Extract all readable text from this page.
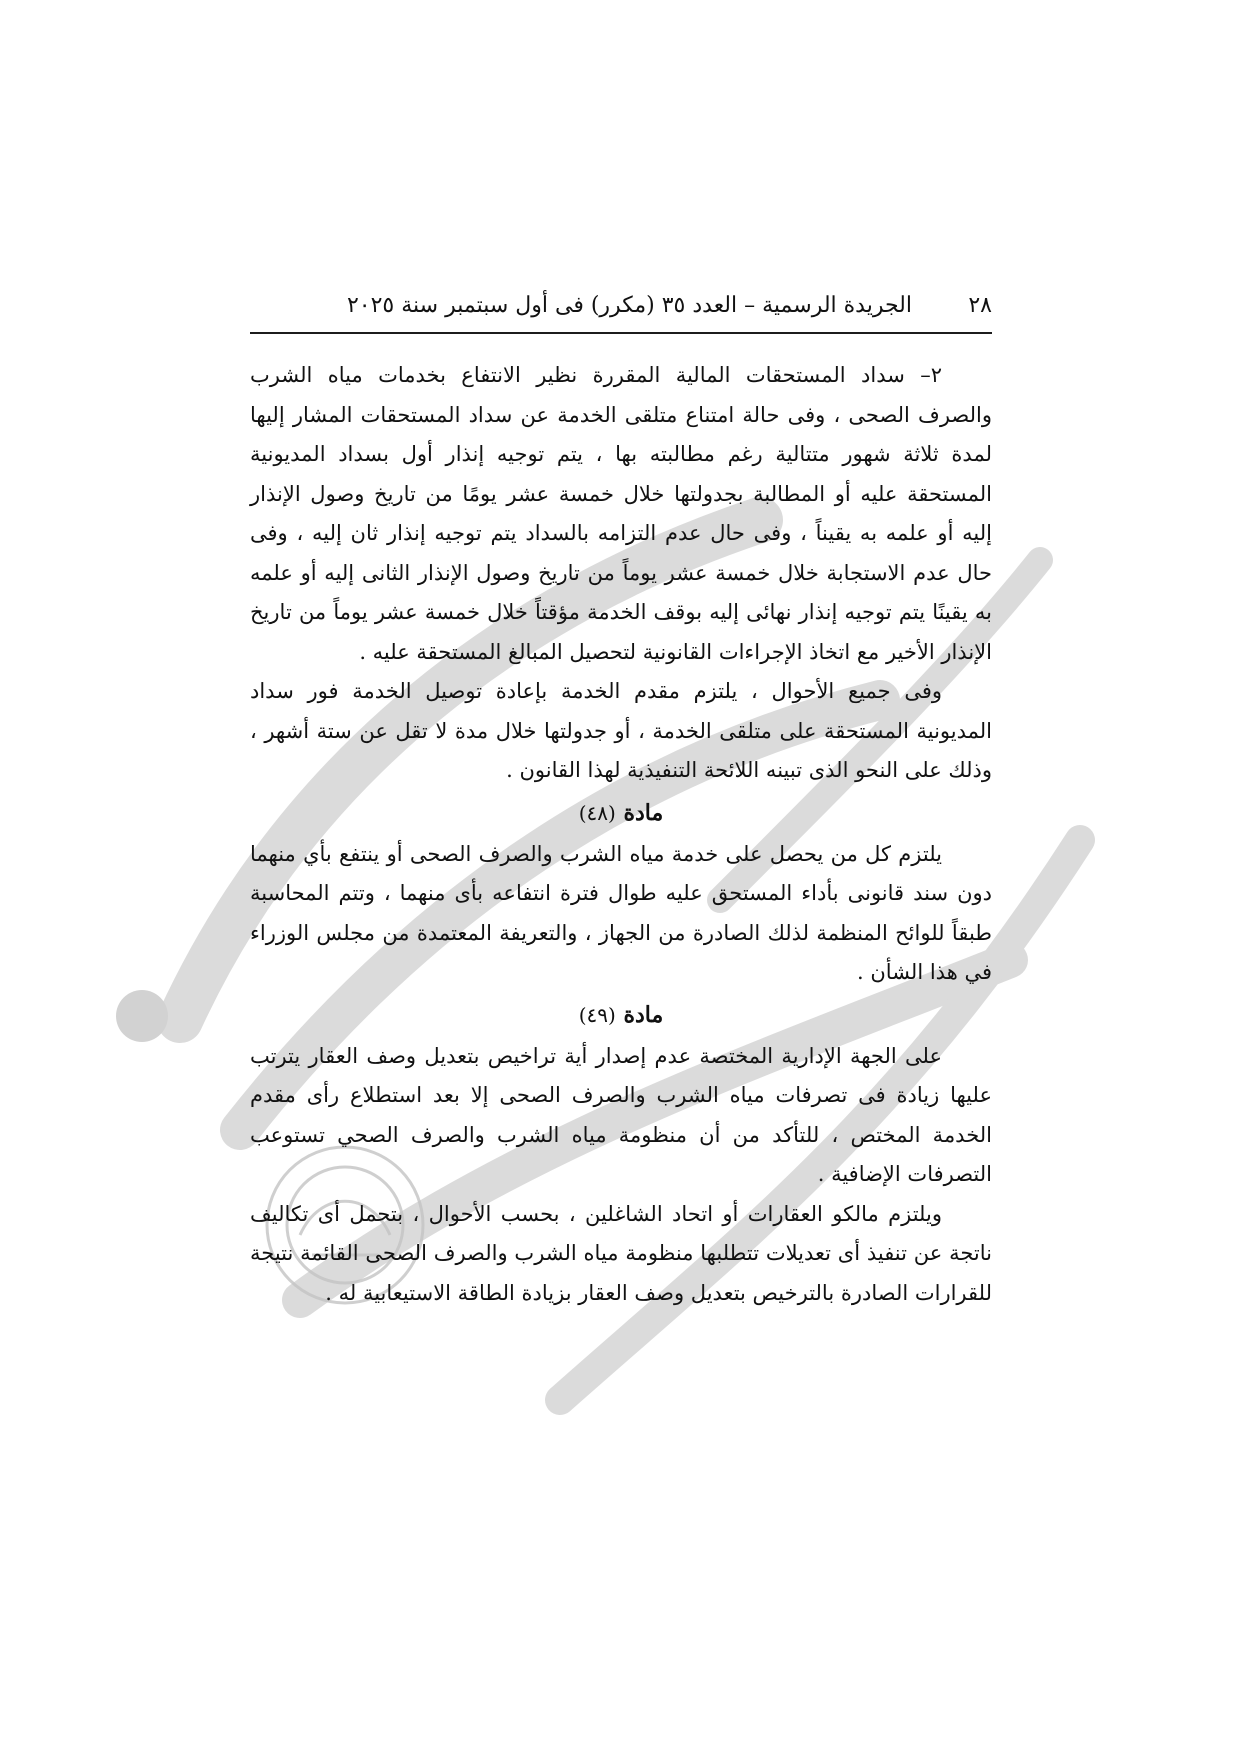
٢٨
الجريدة الرسمية – العدد ٣٥ (مكرر) فى أول سبتمبر سنة ٢٠٢٥

٢– سداد المستحقات المالية المقررة نظير الانتفاع بخدمات مياه الشرب والصرف الصحى ، وفى حالة امتناع متلقى الخدمة عن سداد المستحقات المشار إليها لمدة ثلاثة شهور متتالية رغم مطالبته بها ، يتم توجيه إنذار أول بسداد المديونية المستحقة عليه أو المطالبة بجدولتها خلال خمسة عشر يومًا من تاريخ وصول الإنذار إليه أو علمه به يقيناً ، وفى حال عدم التزامه بالسداد يتم توجيه إنذار ثان إليه ، وفى حال عدم الاستجابة خلال خمسة عشر يوماً من تاريخ وصول الإنذار الثانى إليه أو علمه به يقينًا يتم توجيه إنذار نهائى إليه بوقف الخدمة مؤقتاً خلال خمسة عشر يوماً من تاريخ الإنذار الأخير مع اتخاذ الإجراءات القانونية لتحصيل المبالغ المستحقة عليه .

وفى جميع الأحوال ، يلتزم مقدم الخدمة بإعادة توصيل الخدمة فور سداد المديونية المستحقة على متلقى الخدمة ، أو جدولتها خلال مدة لا تقل عن ستة أشهر ، وذلك على النحو الذى تبينه اللائحة التنفيذية لهذا القانون .

مادة (٤٨)

يلتزم كل من يحصل على خدمة مياه الشرب والصرف الصحى أو ينتفع بأي منهما دون سند قانونى بأداء المستحق عليه طوال فترة انتفاعه بأى منهما ، وتتم المحاسبة طبقاً للوائح المنظمة لذلك الصادرة من الجهاز ، والتعريفة المعتمدة من مجلس الوزراء في هذا الشأن .

مادة (٤٩)

على الجهة الإدارية المختصة عدم إصدار أية تراخيص بتعديل وصف العقار يترتب عليها زيادة فى تصرفات مياه الشرب والصرف الصحى إلا بعد استطلاع رأى مقدم الخدمة المختص ، للتأكد من أن منظومة مياه الشرب والصرف الصحي تستوعب التصرفات الإضافية .

ويلتزم مالكو العقارات أو اتحاد الشاغلين ، بحسب الأحوال ، بتحمل أى تكاليف ناتجة عن تنفيذ أى تعديلات تتطلبها منظومة مياه الشرب والصرف الصحى القائمة نتيجة للقرارات الصادرة بالترخيص بتعديل وصف العقار بزيادة الطاقة الاستيعابية له .
